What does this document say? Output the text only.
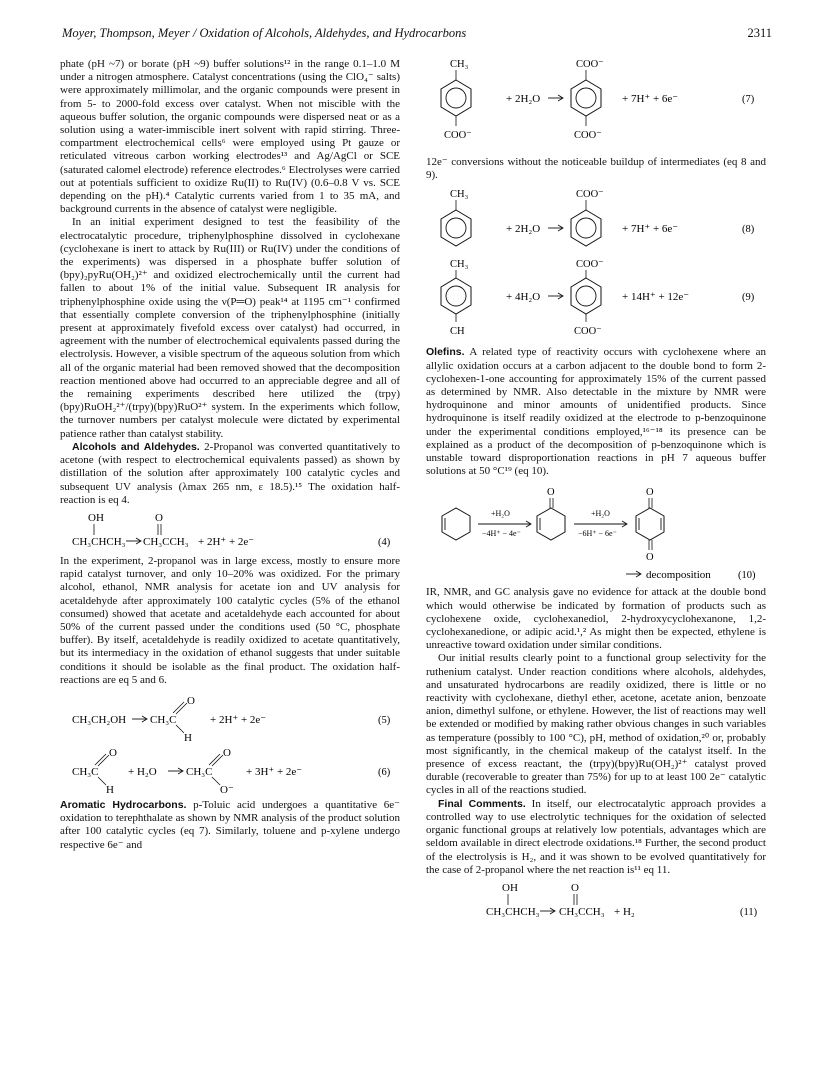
Moyer, Thompson, Meyer / Oxidation of Alcohols, Aldehydes, and Hydrocarbons	2311

phate (pH ~7) or borate (pH ~9) buffer solutions¹² in the range 0.1–1.0 M under a nitrogen atmosphere. Catalyst concentrations (using the ClO₄⁻ salts) were approximately millimolar, and the organic compounds were present in from 5- to 2000-fold excess over catalyst. When not miscible with the aqueous buffer solution, the organic compounds were dispersed neat or as a solution using a water-immiscible inert solvent with rapid stirring. Three-compartment electrochemical cells⁶ were employed using Pt gauze or reticulated vitreous carbon working electrodes¹³ and Ag/AgCl or SCE (saturated calomel electrode) reference electrodes.⁶ Electrolyses were carried out at potentials sufficient to oxidize Ru(II) to Ru(IV) (0.6–0.8 V vs. SCE depending on the pH).⁴ Catalytic currents varied from 1 to 35 mA, and background currents in the absence of catalyst were negligible.

In an initial experiment designed to test the feasibility of the electrocatalytic procedure, triphenylphosphine dissolved in cyclohexane (cyclohexane is inert to attack by Ru(III) or Ru(IV) under the conditions of the experiments) was dispersed in a phosphate buffer solution of (bpy)₂pyRu(OH₂)²⁺ and oxidized electrochemically until the current had fallen to about 1% of the initial value. Subsequent IR analysis for triphenylphosphine oxide using the ν(P═O) peak¹⁴ at 1195 cm⁻¹ confirmed that essentially complete conversion of the triphenylphosphine (initially present at approximately fivefold excess over catalyst) had occurred, in agreement with the number of electrochemical equivalents passed during the electrolysis. However, a visible spectrum of the aqueous solution from which all of the organic material had been removed showed that the decomposition reaction mentioned above had occurred to an appreciable degree and all of the remaining experiments described here utilized the (trpy)(bpy)RuOH₂²⁺/(trpy)(bpy)RuO²⁺ system. In the experiments which follow, the turnover numbers per catalyst molecule were dictated by experimental patience rather than catalyst stability.

Alcohols and Aldehydes. 2-Propanol was converted quantitatively to acetone (with respect to electrochemical equivalents passed) as shown by distillation of the solution after approximately 100 catalytic cycles and subsequent UV analysis (λmax 265 nm, ε 18.5).¹⁵ The oxidation half-reaction is eq 4.

OH	O
CH₃CHCH₃ CH₃CCH₃ + 2H⁺ + 2e⁻	(4)

In the experiment, 2-propanol was in large excess, mostly to ensure more rapid catalyst turnover, and only 10–20% was oxidized. For the primary alcohol, ethanol, NMR analysis for acetate ion and UV analysis for acetaldehyde after approximately 100 catalytic cycles (5% of the ethanol consumed) showed that acetate and acetaldehyde each accounted for about 50% of the current passed under the conditions used (50 °C, phosphate buffer). By itself, acetaldehyde is readily oxidized to acetate quantitatively, but its intermediacy in the oxidation of ethanol suggests that under suitable conditions it should be isolable as the final product. The oxidation half-reactions are eq 5 and 6.

CH₃CH₂OH CH₃C
O
H
+ 2H⁺ + 2e⁻	(5)
CH₃C
O
H
+ H₂O	CH₃C
O
O⁻
+ 3H⁺ + 2e⁻	(6)

Aromatic Hydrocarbons. p-Toluic acid undergoes a quantitative 6e⁻ oxidation to terephthalate as shown by NMR analysis of the product solution after 100 catalytic cycles (eq 7). Similarly, toluene and p-xylene undergo respective 6e⁻ and

CH₃
COO⁻
+ 2H₂O
COO⁻
COO⁻
+ 7H⁺ + 6e⁻	(7)

12e⁻ conversions without the noticeable buildup of intermediates (eq 8 and 9).

CH₃
+ 2H₂O
COO⁻
+ 7H⁺ + 6e⁻	(8)
CH₃
CH
+ 4H₂O
COO⁻
COO⁻
+ 14H⁺ + 12e⁻	(9)

Olefins. A related type of reactivity occurs with cyclohexene where an allylic oxidation occurs at a carbon adjacent to the double bond to form 2-cyclohexen-1-one accounting for approximately 15% of the current passed as determined by NMR. Also detectable in the mixture by NMR were hydroquinone and minor amounts of unidentified products. Since hydroquinone is itself readily oxidized at the electrode to p-benzoquinone under the experimental conditions employed,¹⁶⁻¹⁸ its presence can be explained as a product of the decomposition of p-benzoquinone which is unstable toward disproportionation reactions in pH 7 aqueous buffer solutions at 50 °C¹⁹ (eq 10).

+H₂O
−4H⁺ − 4e⁻
O
+H₂O
−6H⁺ − 6e⁻
O
O
decomposition	(10)

IR, NMR, and GC analysis gave no evidence for attack at the double bond which would otherwise be indicated by formation of products such as cyclohexene oxide, cyclohexanediol, 2-hydroxycyclohexanone, 1,2-cyclohexanedione, or adipic acid.¹,² As might then be expected, ethylene is unreactive toward oxidation under similar conditions.

Our initial results clearly point to a functional group selectivity for the ruthenium catalyst. Under reaction conditions where alcohols, aldehydes, and unsaturated hydrocarbons are readily oxidized, there is little or no reactivity with cyclohexane, diethyl ether, acetone, acetate anion, benzoate anion, dimethyl sulfone, or ethylene. However, the list of reactions may well be extended or modified by making rather obvious changes in such variables as temperature (possibly to 100 °C), pH, method of oxidation,²⁰ or, probably most significantly, in the chemical makeup of the catalyst itself. In the presence of excess reactant, the (trpy)(bpy)Ru(OH₂)²⁺ catalyst proved durable (recoverable to greater than 75%) for up to at least 100 2e⁻ catalytic cycles in all of the reactions studied.

Final Comments. In itself, our electrocatalytic approach provides a controlled way to use electrolytic techniques for the oxidation of selected organic functional groups at relatively low potentials, advantages which are seldom available in direct electrode oxidations.¹⁸ Further, the second product of the electrolysis is H₂, and it was shown to be evolved quantitatively for the case of 2-propanol where the net reaction is¹¹ eq 11.

OH	O
CH₃CHCH₃ CH₃CCH₃ + H₂	(11)
